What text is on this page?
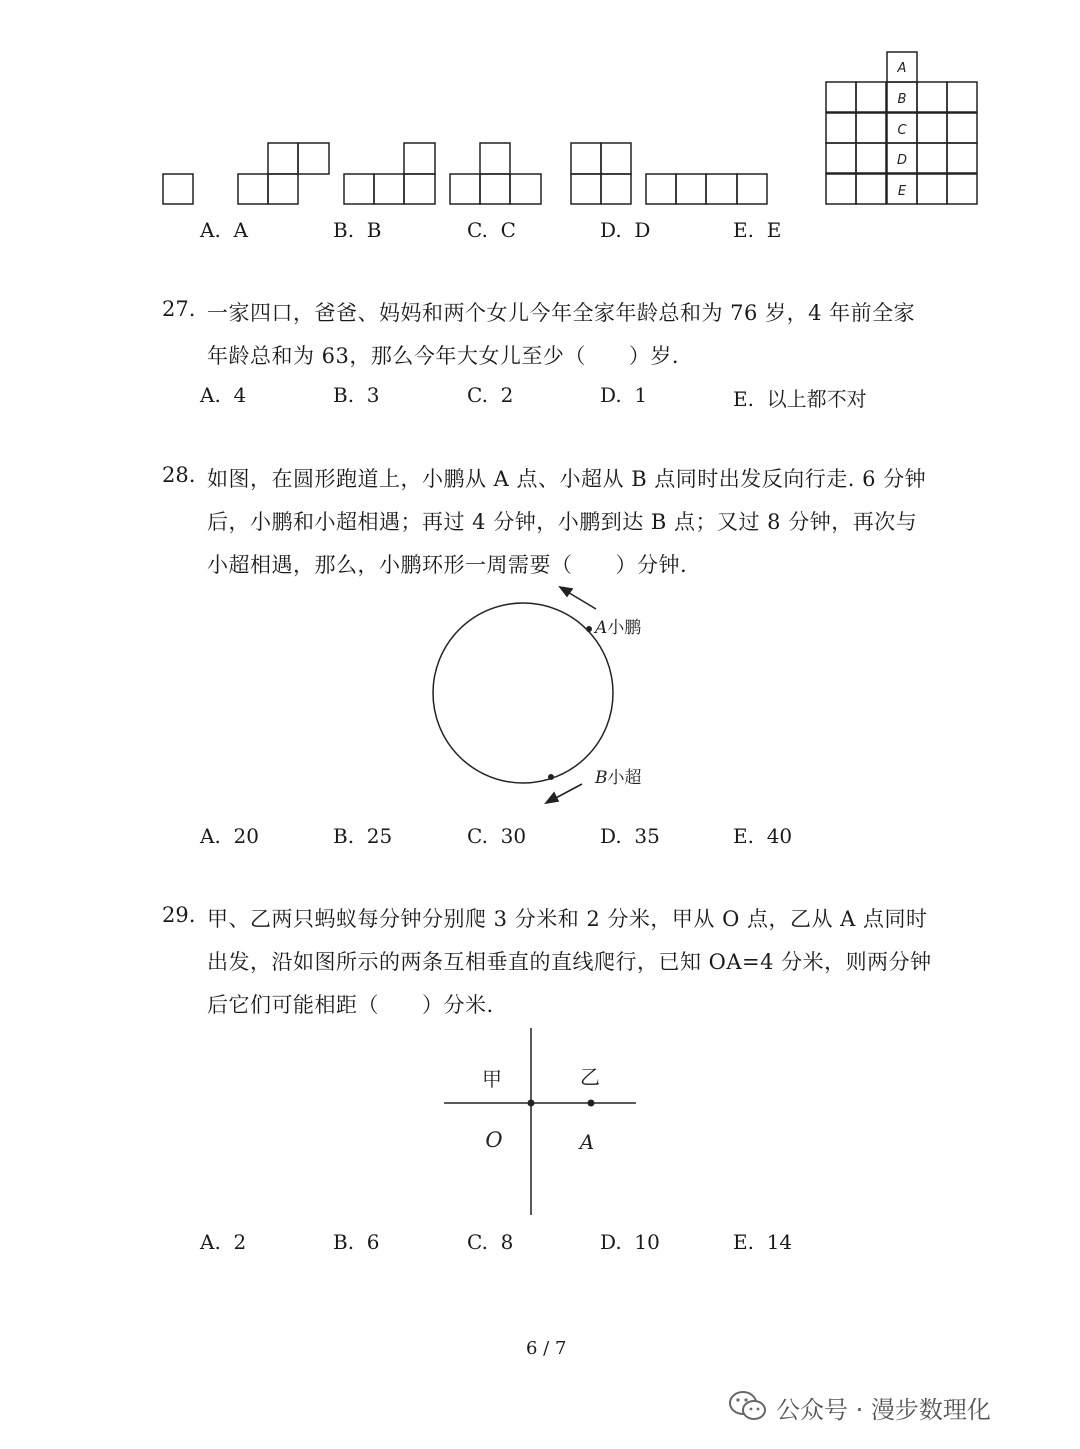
A
B
C
D
E
A. A	B. B	C. C	D. D	E. E
27. 一家四口，爸爸、妈妈和两个女儿今年全家年龄总和为 76 岁，4 年前全家
年龄总和为 63，那么今年大女儿至少（　　）岁.
A. 4	B. 3	C. 2	D. 1	E. 以上都不对
28. 如图，在圆形跑道上，小鹏从 A 点、小超从 B 点同时出发反向行走. 6 分钟
后，小鹏和小超相遇；再过 4 分钟，小鹏到达 B 点；又过 8 分钟，再次与
小超相遇，那么，小鹏环形一周需要（　　）分钟.
A小鹏
B小超
A. 20	B. 25	C. 30	D. 35	E. 40
29. 甲、乙两只蚂蚁每分钟分别爬 3 分米和 2 分米，甲从 O 点，乙从 A 点同时
出发，沿如图所示的两条互相垂直的直线爬行，已知 OA=4 分米，则两分钟
后它们可能相距（　　）分米.
甲	乙
O	A
A. 2	B. 6	C. 8	D. 10	E. 14
6 / 7
公众号 · 漫步数理化
